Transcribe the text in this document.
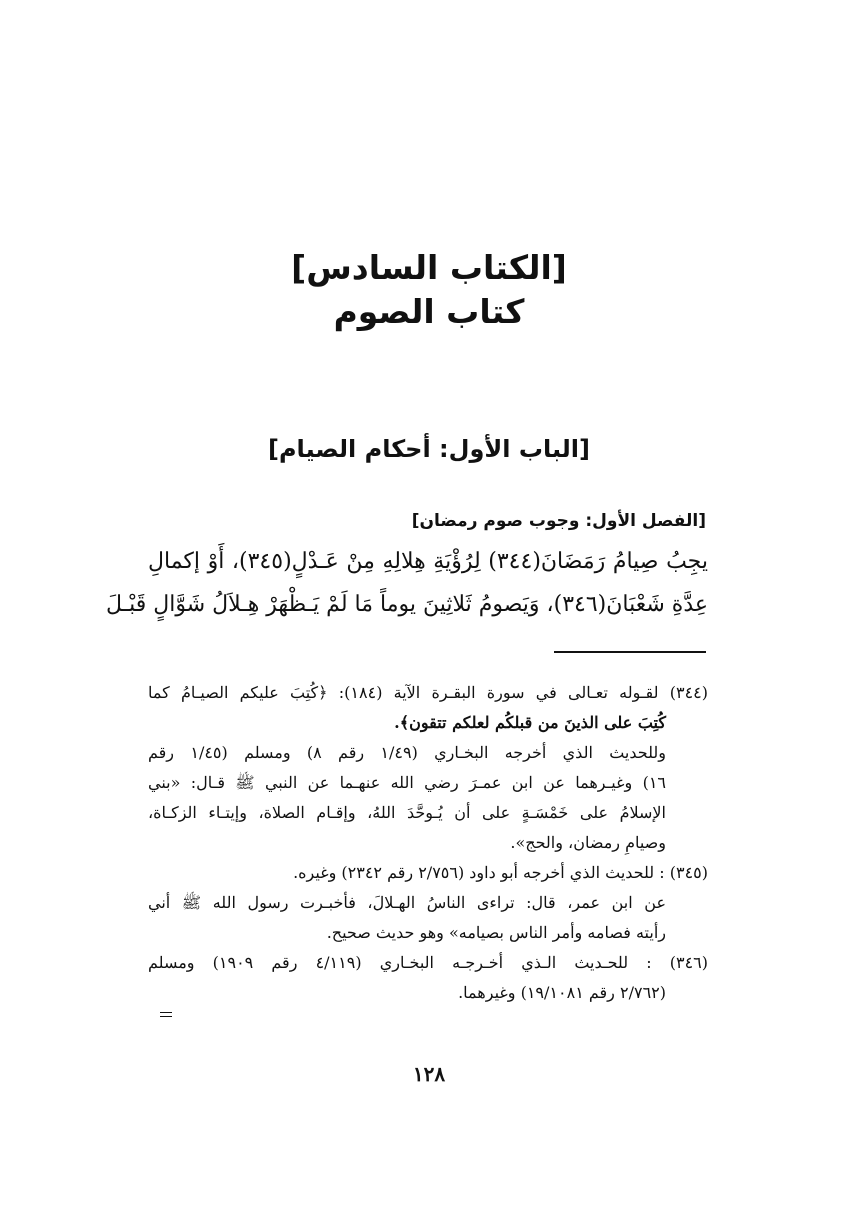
[الكتاب السادس]
كتاب الصوم
[الباب الأول: أحكام الصيام]
[الفصل الأول: وجوب صوم رمضان]
يجِبُ صِيامُ رَمَضَانَ(٣٤٤) لِرُؤْيَةِ هِلالِهِ مِنْ عَـدْلٍ(٣٤٥)، أَوْ إكمالِ
عِدَّةِ شَعْبَانَ(٣٤٦)، وَيَصومُ ثَلاثِينَ يوماً مَا لَمْ يَـظْهَرْ هِـلاَلُ شَوَّالٍ قَبْـلَ
(٣٤٤) لقـوله تعـالى في سورة البقـرة الآية (١٨٤): ﴿كُتِبَ عليكم الصيـامُ كما
كُتِبَ على الذينَ من قبلكُم لعلكم تتقون﴾.
وللحديث الذي أخرجه البخـاري (١/٤٩ رقم ٨) ومسلم (١/٤٥ رقم
١٦) وغيـرهما عن ابن عمـرَ رضي الله عنهـما عن النبي ﷺ قـال: «بني
الإسلامُ على خَمْسَـةٍ على أن يُـوحَّدَ اللهُ، وإقـام الصلاة، وإيتـاء الزكـاة،
وصيامِ رمضان، والحج».
(٣٤٥) : للحديث الذي أخرجه أبو داود (٢/٧٥٦ رقم ٢٣٤٢) وغيره.
عن ابن عمر، قال: تراءى الناسُ الهـلالَ، فأخبـرت رسول الله ﷺ أني
رأيته فصامه وأمر الناس بصيامه» وهو حديث صحيح.
(٣٤٦) : للحـديث الـذي أخـرجـه البخـاري (٤/١١٩ رقم ١٩٠٩) ومسلم
(٢/٧٦٢ رقم ١٩/١٠٨١) وغيرهما.
١٢٨
